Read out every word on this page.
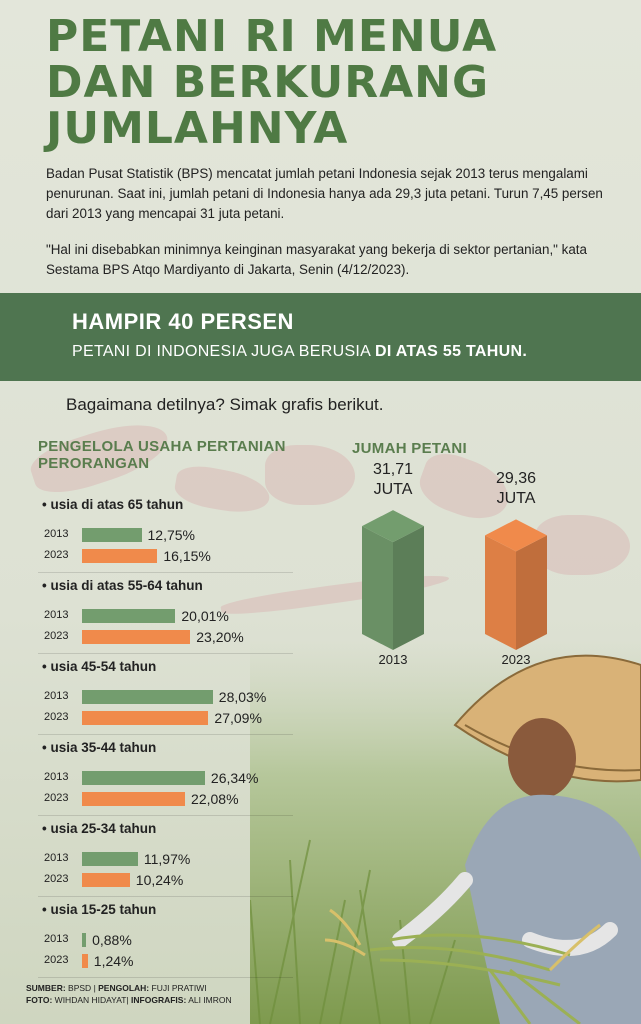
PETANI RI MENUA
DAN BERKURANG
JUMLAHNYA

Badan Pusat Statistik (BPS) mencatat jumlah petani Indonesia sejak 2013 terus mengalami penurunan. Saat ini, jumlah petani di Indonesia hanya ada 29,3 juta petani. Turun 7,45 persen dari 2013 yang mencapai 31 juta petani.

"Hal ini disebabkan minimnya keinginan masyarakat yang bekerja di sektor pertanian," kata Sestama BPS Atqo Mardiyanto di Jakarta, Senin (4/12/2023).

HAMPIR 40 PERSEN
PETANI DI INDONESIA JUGA BERUSIA DI ATAS 55 TAHUN.
Bagaimana detilnya? Simak grafis berikut.
PENGELOLA USAHA PERTANIAN
PERORANGAN
• usia di atas 65 tahun
2013	12,75%
2023	16,15%
• usia di atas 55-64 tahun
2013	20,01%
2023	23,20%
• usia 45-54 tahun
2013	28,03%
2023	27,09%
• usia 35-44 tahun
2013	26,34%
2023	22,08%
• usia 25-34 tahun
2013	11,97%
2023	10,24%
• usia 15-25 tahun
2013 0,88%
2023 1,24%
JUMAH PETANI
31,71
JUTA
2013
29,36
JUTA
2023
SUMBER: BPSD | PENGOLAH: FUJI PRATIWI
FOTO: WIHDAN HIDAYAT| INFOGRAFIS: ALI IMRON
